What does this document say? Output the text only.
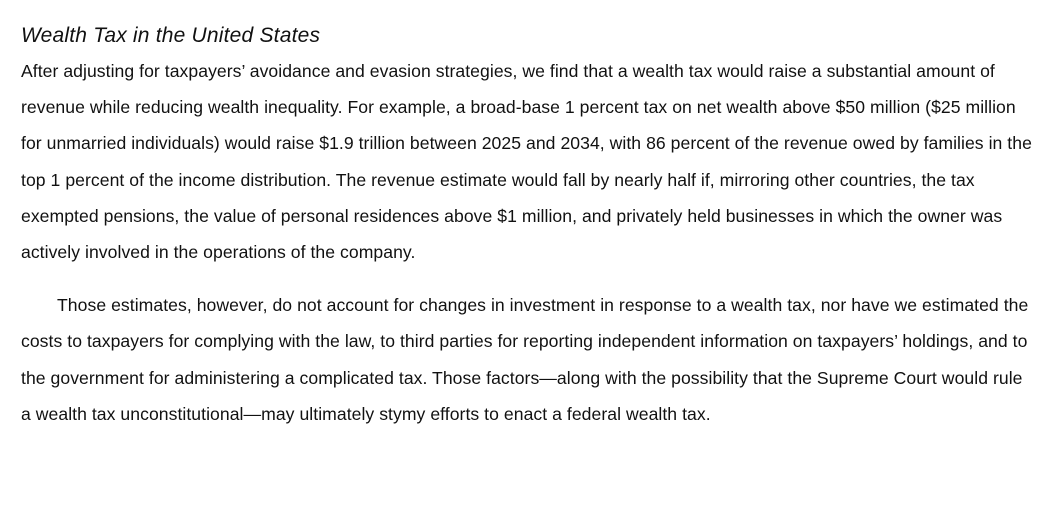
Wealth Tax in the United States

After adjusting for taxpayers’ avoidance and evasion strategies, we find that a wealth tax would raise a substantial amount of revenue while reducing wealth inequality. For example, a broad-base 1 percent tax on net wealth above $50 million ($25 million for unmarried individuals) would raise $1.9 trillion between 2025 and 2034, with 86 percent of the revenue owed by families in the top 1 percent of the income distribution. The revenue estimate would fall by nearly half if, mirroring other countries, the tax exempted pensions, the value of personal residences above $1 million, and privately held businesses in which the owner was actively involved in the operations of the company.

Those estimates, however, do not account for changes in investment in response to a wealth tax, nor have we estimated the costs to taxpayers for complying with the law, to third parties for reporting independent information on taxpayers’ holdings, and to the government for administering a complicated tax. Those factors—along with the possibility that the Supreme Court would rule a wealth tax unconstitutional—may ultimately stymy efforts to enact a federal wealth tax.
